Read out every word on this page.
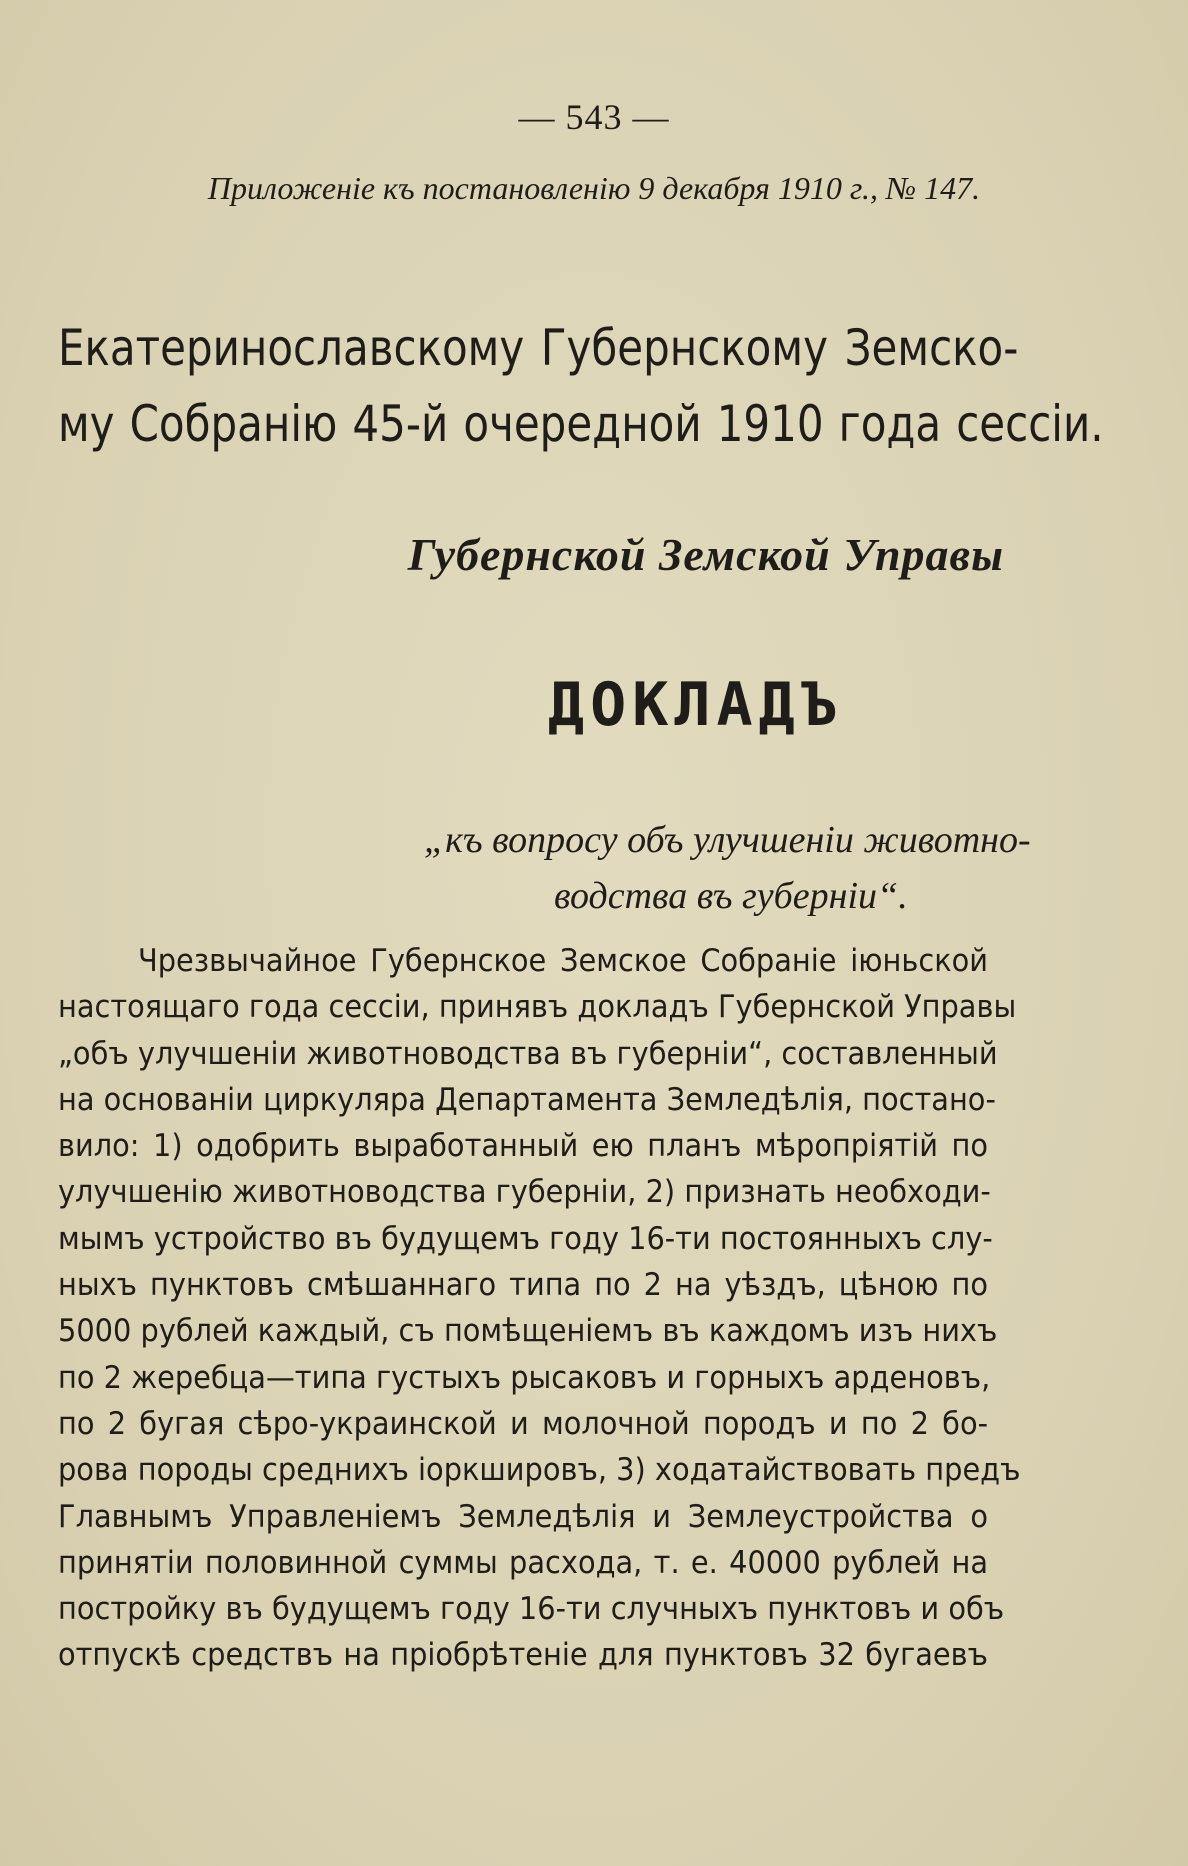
— 543 —
Приложеніе къ постановленію 9 декабря 1910 г., № 147.
Екатеринославскому Губернскому Земско-
му Собранію 45-й очередной 1910 года сессіи.
Губернской Земской Управы
ДОКЛАДЪ
„къ вопросу объ улучшеніи животно-
водства въ губерніи“.
Чрезвычайное Губернское Земское Собраніе іюньской
настоящаго года сессіи, принявъ докладъ Губернской Управы
„объ улучшеніи животноводства въ губерніи“, составленный
на основаніи циркуляра Департамента Земледѣлія, постано-
вило: 1) одобрить выработанный ею планъ мѣропріятій по
улучшенію животноводства губерніи, 2) признать необходи-
мымъ устройство въ будущемъ году 16-ти постоянныхъ слу-
ныхъ пунктовъ смѣшаннаго типа по 2 на уѣздъ, цѣною по
5000 рублей каждый, съ помѣщеніемъ въ каждомъ изъ нихъ
по 2 жеребца—типа густыхъ рысаковъ и горныхъ арденовъ,
по 2 бугая сѣро-украинской и молочной породъ и по 2 бо-
рова породы среднихъ іоркшировъ, 3) ходатайствовать предъ
Главнымъ Управленіемъ Земледѣлія и Землеустройства о
принятіи половинной суммы расхода, т. е. 40000 рублей на
постройку въ будущемъ году 16-ти случныхъ пунктовъ и объ
отпускѣ средствъ на пріобрѣтеніе для пунктовъ 32 бугаевъ
